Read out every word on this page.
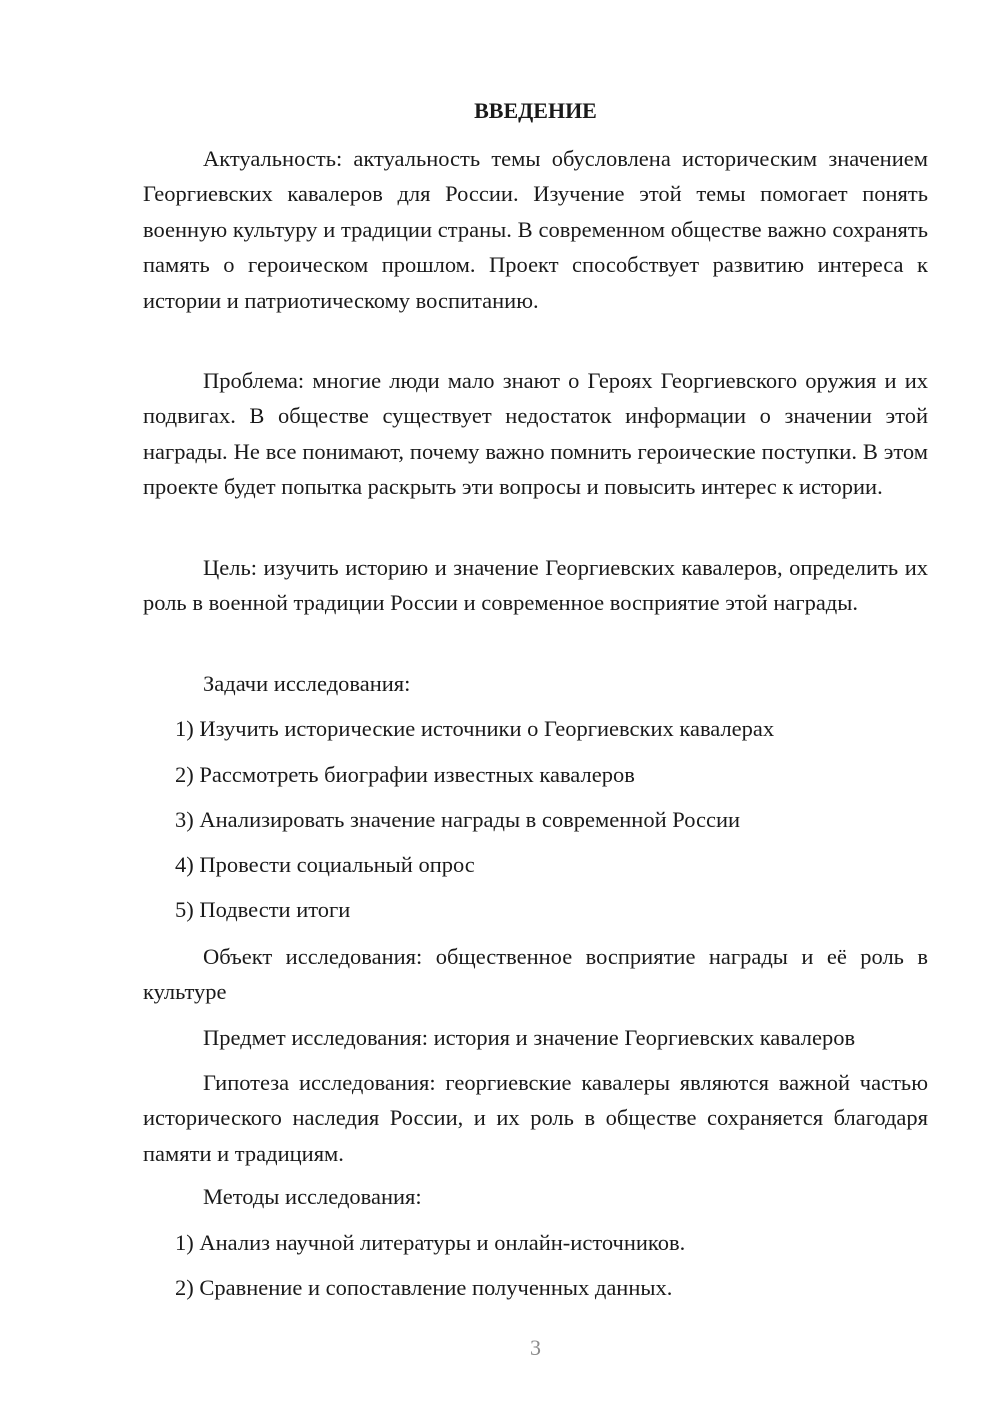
ВВЕДЕНИЕ

Актуальность: актуальность темы обусловлена историческим значением Георгиевских кавалеров для России. Изучение этой темы помогает понять военную культуру и традиции страны. В современном обществе важно сохранять память о героическом прошлом. Проект способствует развитию интереса к истории и патриотическому воспитанию.

Проблема: многие люди мало знают о Героях Георгиевского оружия и их подвигах. В обществе существует недостаток информации о значении этой награды. Не все понимают, почему важно помнить героические поступки. В этом проекте будет попытка раскрыть эти вопросы и повысить интерес к истории.

Цель: изучить историю и значение Георгиевских кавалеров, определить их роль в военной традиции России и современное восприятие этой награды.

Задачи исследования:

1) Изучить исторические источники о Георгиевских кавалерах

2) Рассмотреть биографии известных кавалеров

3) Анализировать значение награды в современной России

4) Провести социальный опрос

5) Подвести итоги

Объект исследования: общественное восприятие награды и её роль в культуре

Предмет исследования: история и значение Георгиевских кавалеров

Гипотеза исследования: георгиевские кавалеры являются важной частью исторического наследия России, и их роль в обществе сохраняется благодаря памяти и традициям.

Методы исследования:

1) Анализ научной литературы и онлайн-источников.

2) Сравнение и сопоставление полученных данных.

3
